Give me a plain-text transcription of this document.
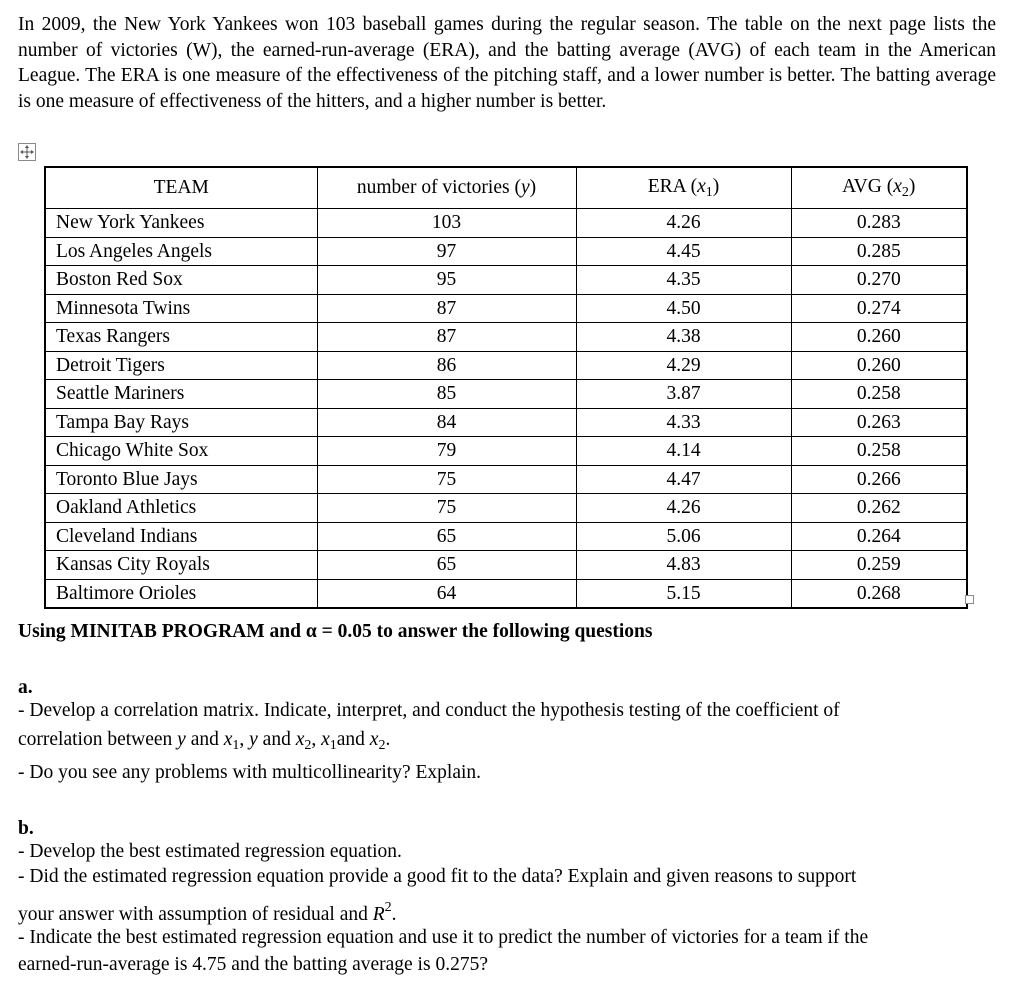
In 2009, the New York Yankees won 103 baseball games during the regular season. The table on the next page lists the number of victories (W), the earned-run-average (ERA), and the batting average (AVG) of each team in the American League. The ERA is one measure of the effectiveness of the pitching staff, and a lower number is better. The batting average is one measure of effectiveness of the hitters, and a higher number is better.

TEAM	number of victories (y)	ERA $(x_1)$	AVG $(x_2)$
New York Yankees	103	4.26	0.283
Los Angeles Angels	97	4.45	0.285
Boston Red Sox	95	4.35	0.270
Minnesota Twins	87	4.50	0.274
Texas Rangers	87	4.38	0.260
Detroit Tigers	86	4.29	0.260
Seattle Mariners	85	3.87	0.258
Tampa Bay Rays	84	4.33	0.263
Chicago White Sox	79	4.14	0.258
Toronto Blue Jays	75	4.47	0.266
Oakland Athletics	75	4.26	0.262
Cleveland Indians	65	5.06	0.264
Kansas City Royals	65	4.83	0.259
Baltimore Orioles	64	5.15	0.268

Using MINITAB PROGRAM and α = 0.05 to answer the following questions

a.

- Develop a correlation matrix. Indicate, interpret, and conduct the hypothesis testing of the coefficient of

correlation between y and $x_1$, y and $x_2$, $x_1and$ $x_2$.

- Do you see any problems with multicollinearity? Explain.

b.

- Develop the best estimated regression equation.

- Did the estimated regression equation provide a good fit to the data? Explain and given reasons to support

your answer with assumption of residual and $R^2$.

- Indicate the best estimated regression equation and use it to predict the number of victories for a team if the

earned-run-average is 4.75 and the batting average is 0.275?
